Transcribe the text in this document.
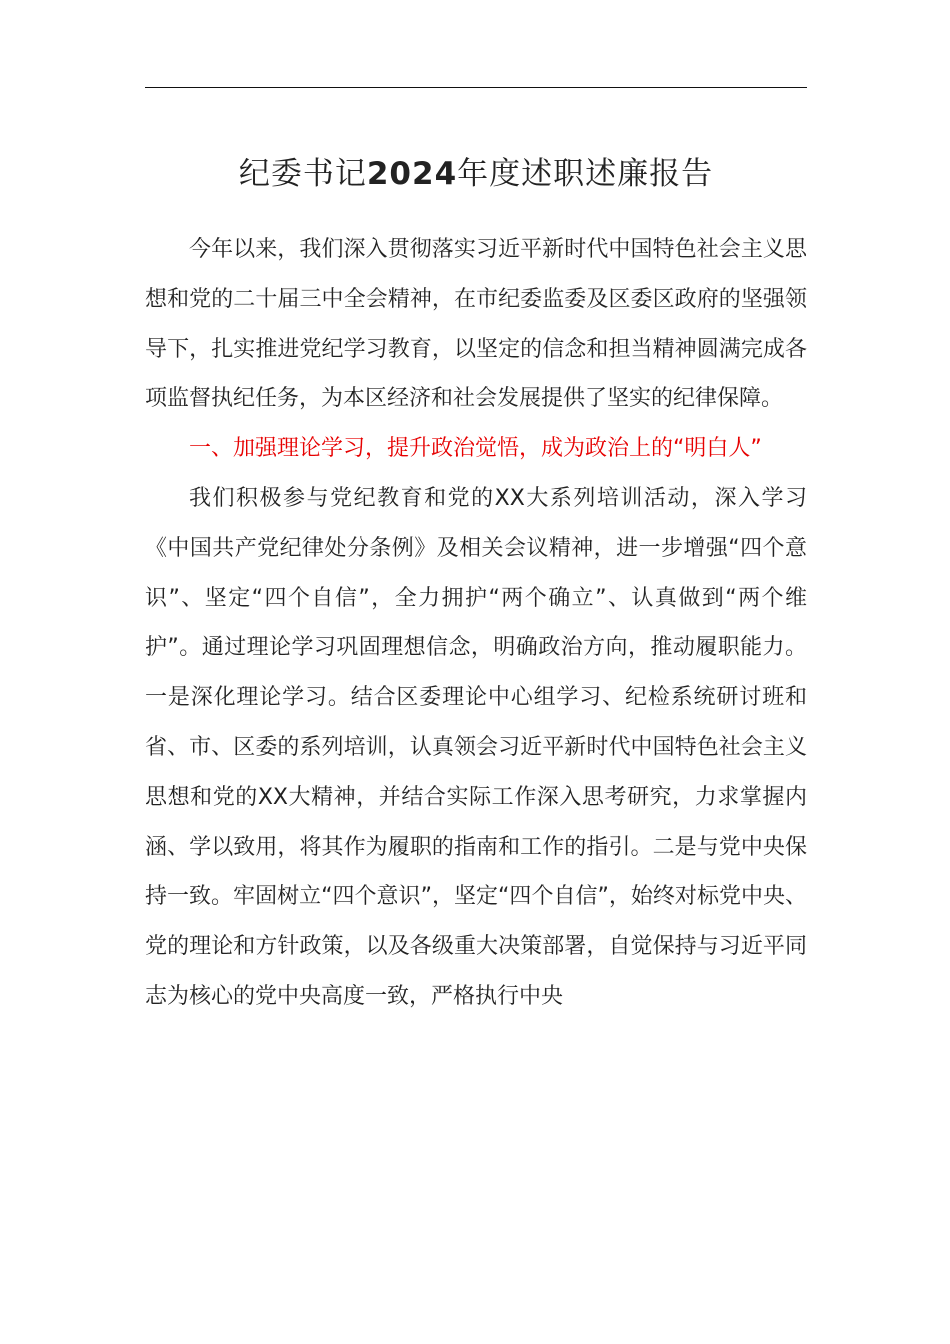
纪委书记2024年度述职述廉报告

今年以来，我们深入贯彻落实习近平新时代中国特色社会主义思想和党的二十届三中全会精神，在市纪委监委及区委区政府的坚强领导下，扎实推进党纪学习教育，以坚定的信念和担当精神圆满完成各项监督执纪任务，为本区经济和社会发展提供了坚实的纪律保障。

一、加强理论学习，提升政治觉悟，成为政治上的“明白人”

我们积极参与党纪教育和党的XX大系列培训活动，深入学习《中国共产党纪律处分条例》及相关会议精神，进一步增强“四个意识”、坚定“四个自信”，全力拥护“两个确立”、认真做到“两个维护”。通过理论学习巩固理想信念，明确政治方向，推动履职能力。一是深化理论学习。结合区委理论中心组学习、纪检系统研讨班和省、市、区委的系列培训，认真领会习近平新时代中国特色社会主义思想和党的XX大精神，并结合实际工作深入思考研究，力求掌握内涵、学以致用，将其作为履职的指南和工作的指引。二是与党中央保持一致。牢固树立“四个意识”，坚定“四个自信”，始终对标党中央、党的理论和方针政策，以及各级重大决策部署，自觉保持与习近平同志为核心的党中央高度一致，严格执行中央
